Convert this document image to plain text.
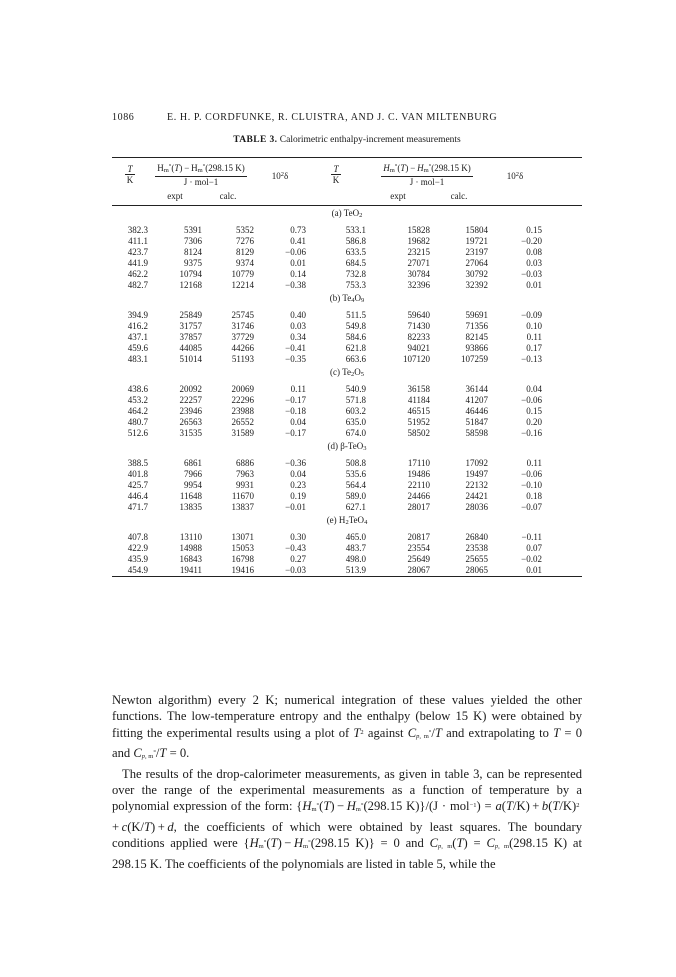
1086	E. H. P. CORDFUNKE, R. CLUISTRA, AND J. C. VAN MILTENBURG
TABLE 3. Calorimetric enthalpy-increment measurements
$\frac{T}{K}$	$\frac{H_m^\circ(T) - H_m^\circ(298.15 K)}{\text{J · mol−1}}$		$10^2\delta$	$\frac{T}{K}$	$\frac{H_m^\circ(T) - H_m^\circ(298.15 K)}{\text{J · mol−1}}$		$10^2\delta$	
	expt	calc.			expt	calc.		
(a) TeO$_2$

382.3	5391	5352	0.73	533.1	15828	15804	0.15	
411.1	7306	7276	0.41	586.8	19682	19721	−0.20	
423.7	8124	8129	−0.06	633.5	23215	23197	0.08	
441.9	9375	9374	0.01	684.5	27071	27064	0.03	
462.2	10794	10779	0.14	732.8	30784	30792	−0.03	
482.7	12168	12214	−0.38	753.3	32396	32392	0.01	
(b) $Te_4O_9$

394.9	25849	25745	0.40	511.5	59640	59691	−0.09	
416.2	31757	31746	0.03	549.8	71430	71356	0.10	
437.1	37857	37729	0.34	584.6	82233	82145	0.11	
459.6	44085	44266	−0.41	621.8	94021	93866	0.17	
483.1	51014	51193	−0.35	663.6	107120	107259	−0.13	
(c) $Te_2O_5$

438.6	20092	20069	0.11	540.9	36158	36144	0.04	
453.2	22257	22296	−0.17	571.8	41184	41207	−0.06	
464.2	23946	23988	−0.18	603.2	46515	46446	0.15	
480.7	26563	26552	0.04	635.0	51952	51847	0.20	
512.6	31535	31589	−0.17	674.0	58502	58598	−0.16	
(d) β-TeO$_3$

388.5	6861	6886	−0.36	508.8	17110	17092	0.11	
401.8	7966	7963	0.04	535.6	19486	19497	−0.06	
425.7	9954	9931	0.23	564.4	22110	22132	−0.10	
446.4	11648	11670	0.19	589.0	24466	24421	0.18	
471.7	13835	13837	−0.01	627.1	28017	28036	−0.07	
(e) $H_2TeO_4$

407.8	13110	13071	0.30	465.0	20817	26840	−0.11	
422.9	14988	15053	−0.43	483.7	23554	23538	0.07	
435.9	16843	16798	0.27	498.0	25649	25655	−0.02	
454.9	19411	19416	−0.03	513.9	28067	28065	0.01	

Newton algorithm) every 2 K; numerical integration of these values yielded the other functions. The low-temperature entropy and the enthalpy (below 15 K) were obtained by fitting the experimental results using a plot of $T^2$ against $C_{p, m}^\circ/T$ and extrapolating to T = 0 and $C_{p, m}^\circ/T = 0$.

The results of the drop-calorimeter measurements, as given in table 3, can be represented over the range of the experimental measurements as a function of temperature by a polynomial expression of the form: {$H_m^\circ(T) - H_m^\circ(298.15$ $K)\}/(J \cdot mol^{-1}) = a(T/K) + b(T/K)^2 + c(K/T) + d$, the coefficients of which were obtained by least squares. The boundary conditions applied were {$H_m^\circ(T) - H_m^\circ(298.15$ K)} = 0 and $C_{p, m}(T) = C_{p, m}(298.15$ K) at 298.15 K. The coefficients of the polynomials are listed in table 5, while the
